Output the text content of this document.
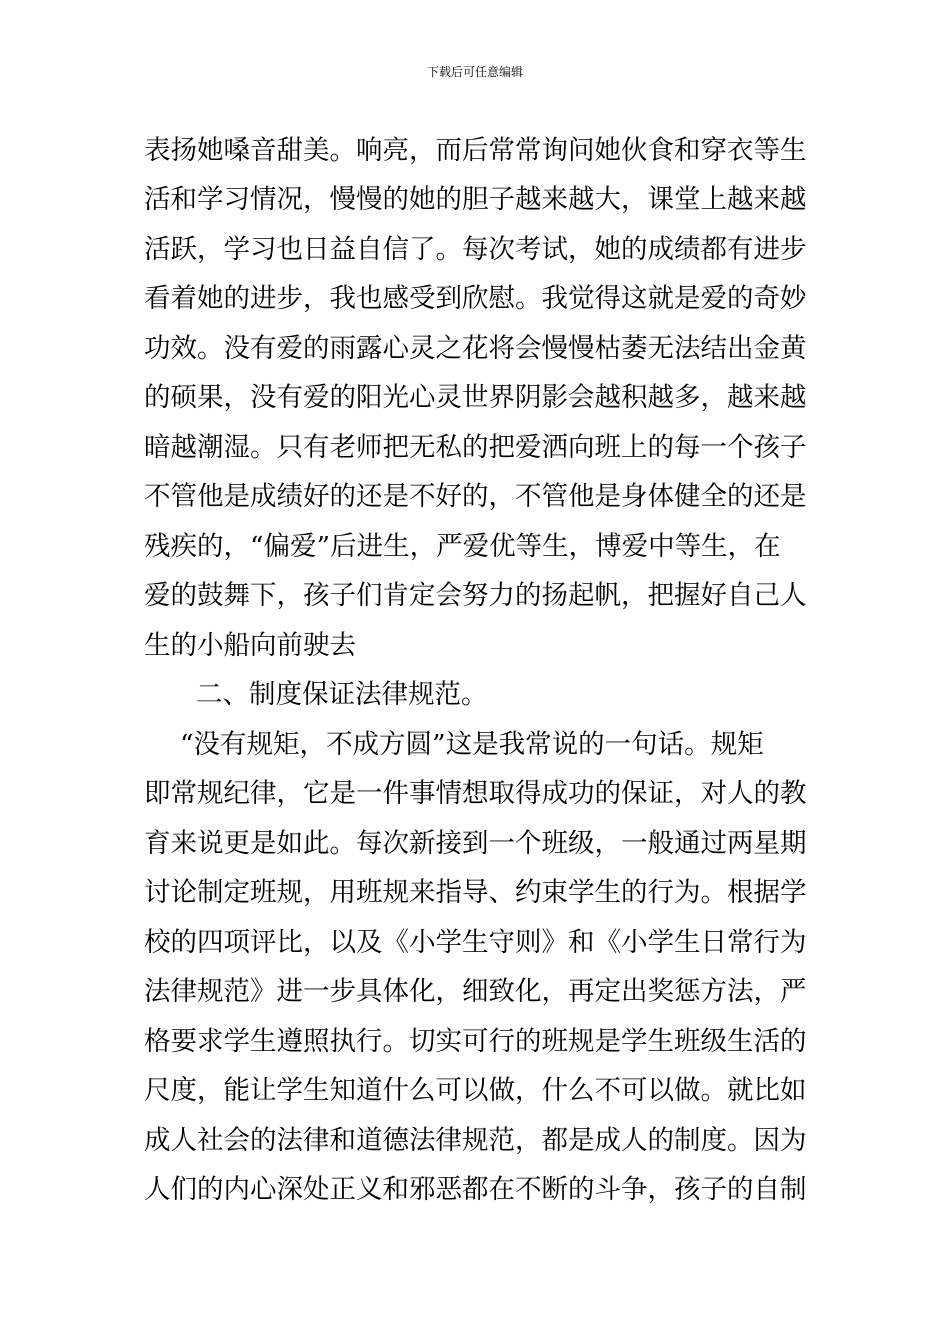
下载后可任意编辑
表扬她嗓音甜美。响亮，而后常常询问她伙食和穿衣等生
活和学习情况，慢慢的她的胆子越来越大，课堂上越来越
活跃，学习也日益自信了。每次考试，她的成绩都有进步
看着她的进步，我也感受到欣慰。我觉得这就是爱的奇妙
功效。没有爱的雨露心灵之花将会慢慢枯萎无法结出金黄
的硕果，没有爱的阳光心灵世界阴影会越积越多，越来越
暗越潮湿。只有老师把无私的把爱洒向班上的每一个孩子
不管他是成绩好的还是不好的，不管他是身体健全的还是
残疾的，“偏爱”后进生，严爱优等生，博爱中等生，在
爱的鼓舞下，孩子们肯定会努力的扬起帆，把握好自己人
生的小船向前驶去
二、制度保证法律规范。
“没有规矩，不成方圆”这是我常说的一句话。规矩
即常规纪律，它是一件事情想取得成功的保证，对人的教
育来说更是如此。每次新接到一个班级，一般通过两星期
讨论制定班规，用班规来指导、约束学生的行为。根据学
校的四项评比，以及《小学生守则》和《小学生日常行为
法律规范》进一步具体化，细致化，再定出奖惩方法，严
格要求学生遵照执行。切实可行的班规是学生班级生活的
尺度，能让学生知道什么可以做，什么不可以做。就比如
成人社会的法律和道德法律规范，都是成人的制度。因为
人们的内心深处正义和邪恶都在不断的斗争，孩子的自制
